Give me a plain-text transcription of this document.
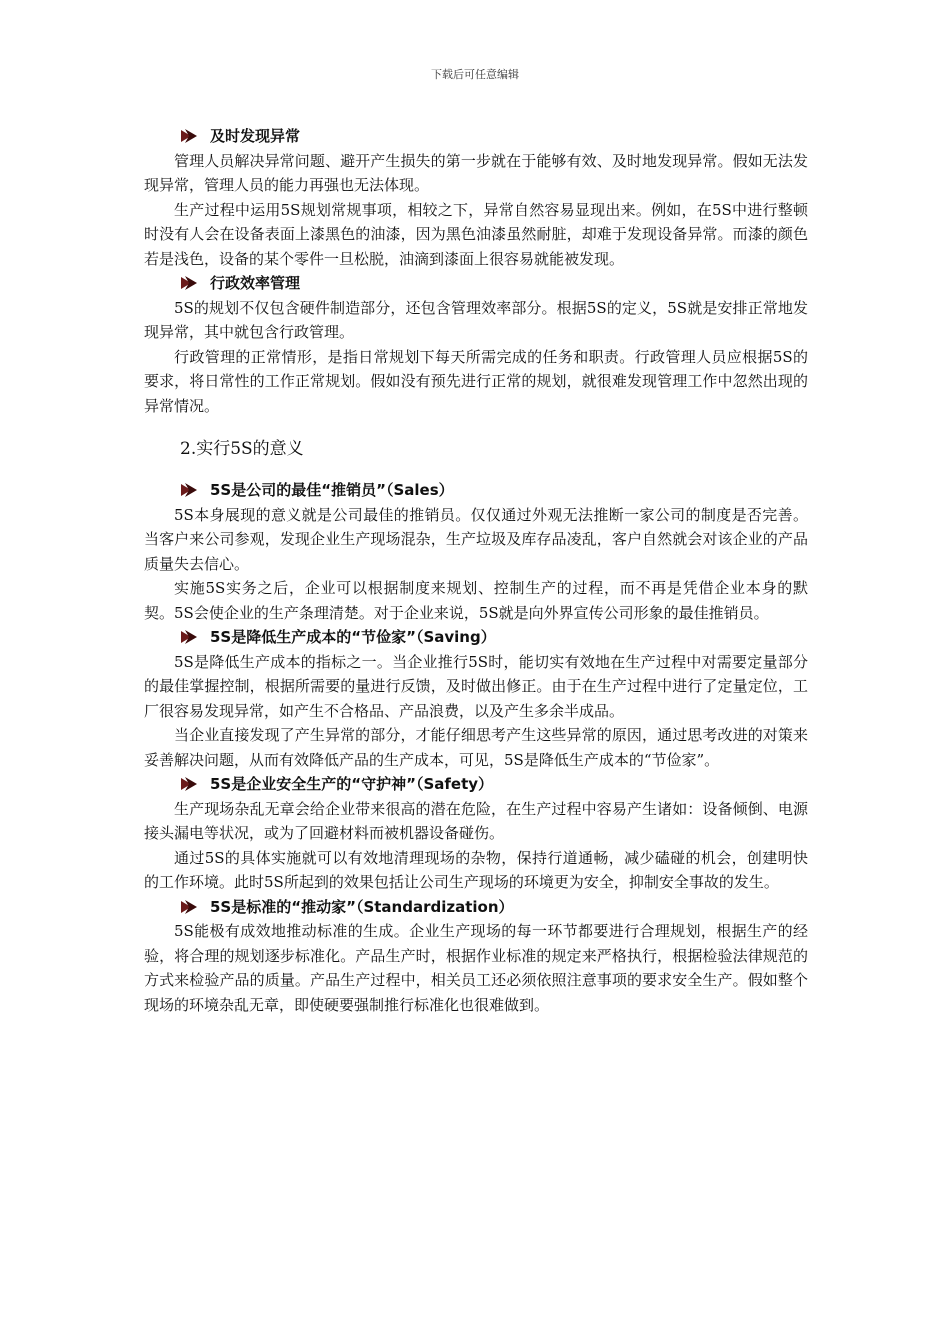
下载后可任意编辑
及时发现异常

管理人员解决异常问题、避开产生损失的第一步就在于能够有效、及时地发现异常。假如无法发现异常，管理人员的能力再强也无法体现。

生产过程中运用5S规划常规事项，相较之下，异常自然容易显现出来。例如，在5S中进行整顿时没有人会在设备表面上漆黑色的油漆，因为黑色油漆虽然耐脏，却难于发现设备异常。而漆的颜色若是浅色，设备的某个零件一旦松脱，油滴到漆面上很容易就能被发现。

行政效率管理

5S的规划不仅包含硬件制造部分，还包含管理效率部分。根据5S的定义，5S就是安排正常地发现异常，其中就包含行政管理。

行政管理的正常情形，是指日常规划下每天所需完成的任务和职责。行政管理人员应根据5S的要求，将日常性的工作正常规划。假如没有预先进行正常的规划，就很难发现管理工作中忽然出现的异常情况。

2.实行5S的意义
5S是公司的最佳“推销员”（Sales）

5S本身展现的意义就是公司最佳的推销员。仅仅通过外观无法推断一家公司的制度是否完善。当客户来公司参观，发现企业生产现场混杂，生产垃圾及库存品凌乱，客户自然就会对该企业的产品质量失去信心。

实施5S实务之后，企业可以根据制度来规划、控制生产的过程，而不再是凭借企业本身的默契。5S会使企业的生产条理清楚。对于企业来说，5S就是向外界宣传公司形象的最佳推销员。

5S是降低生产成本的“节俭家”（Saving）

5S是降低生产成本的指标之一。当企业推行5S时，能切实有效地在生产过程中对需要定量部分的最佳掌握控制，根据所需要的量进行反馈，及时做出修正。由于在生产过程中进行了定量定位，工厂很容易发现异常，如产生不合格品、产品浪费，以及产生多余半成品。

当企业直接发现了产生异常的部分，才能仔细思考产生这些异常的原因，通过思考改进的对策来妥善解决问题，从而有效降低产品的生产成本，可见，5S是降低生产成本的“节俭家”。

5S是企业安全生产的“守护神”（Safety）

生产现场杂乱无章会给企业带来很高的潜在危险，在生产过程中容易产生诸如：设备倾倒、电源接头漏电等状况，或为了回避材料而被机器设备碰伤。

通过5S的具体实施就可以有效地清理现场的杂物，保持行道通畅，减少磕碰的机会，创建明快的工作环境。此时5S所起到的效果包括让公司生产现场的环境更为安全，抑制安全事故的发生。

5S是标准的“推动家”（Standardization）

5S能极有成效地推动标准的生成。企业生产现场的每一环节都要进行合理规划，根据生产的经验，将合理的规划逐步标准化。产品生产时，根据作业标准的规定来严格执行，根据检验法律规范的方式来检验产品的质量。产品生产过程中，相关员工还必须依照注意事项的要求安全生产。假如整个现场的环境杂乱无章，即使硬要强制推行标准化也很难做到。
